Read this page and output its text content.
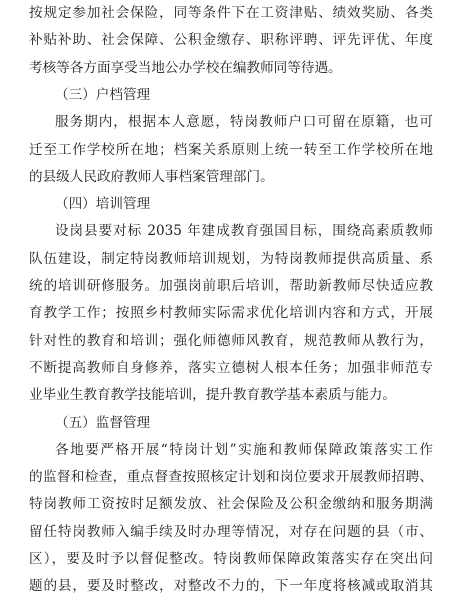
按规定参加社会保险，同等条件下在工资津贴、绩效奖励、各类
补贴补助、社会保障、公积金缴存、职称评聘、评先评优、年度
考核等各方面享受当地公办学校在编教师同等待遇。
（三）户档管理
服务期内，根据本人意愿，特岗教师户口可留在原籍，也可
迁至工作学校所在地；档案关系原则上统一转至工作学校所在地
的县级人民政府教师人事档案管理部门。
（四）培训管理
设岗县要对标 2035 年建成教育强国目标，围绕高素质教师
队伍建设，制定特岗教师培训规划，为特岗教师提供高质量、系
统的培训研修服务。加强岗前职后培训，帮助新教师尽快适应教
育教学工作；按照乡村教师实际需求优化培训内容和方式，开展
针对性的教育和培训；强化师德师风教育，规范教师从教行为，
不断提高教师自身修养，落实立德树人根本任务；加强非师范专
业毕业生教育教学技能培训，提升教育教学基本素质与能力。
（五）监督管理
各地要严格开展“特岗计划”实施和教师保障政策落实工作
的监督和检查，重点督查按照核定计划和岗位要求开展教师招聘、
特岗教师工资按时足额发放、社会保险及公积金缴纳和服务期满
留任特岗教师入编手续及时办理等情况，对存在问题的县（市、
区），要及时予以督促整改。特岗教师保障政策落实存在突出问
题的县，要及时整改，对整改不力的，下一年度将核减或取消其
